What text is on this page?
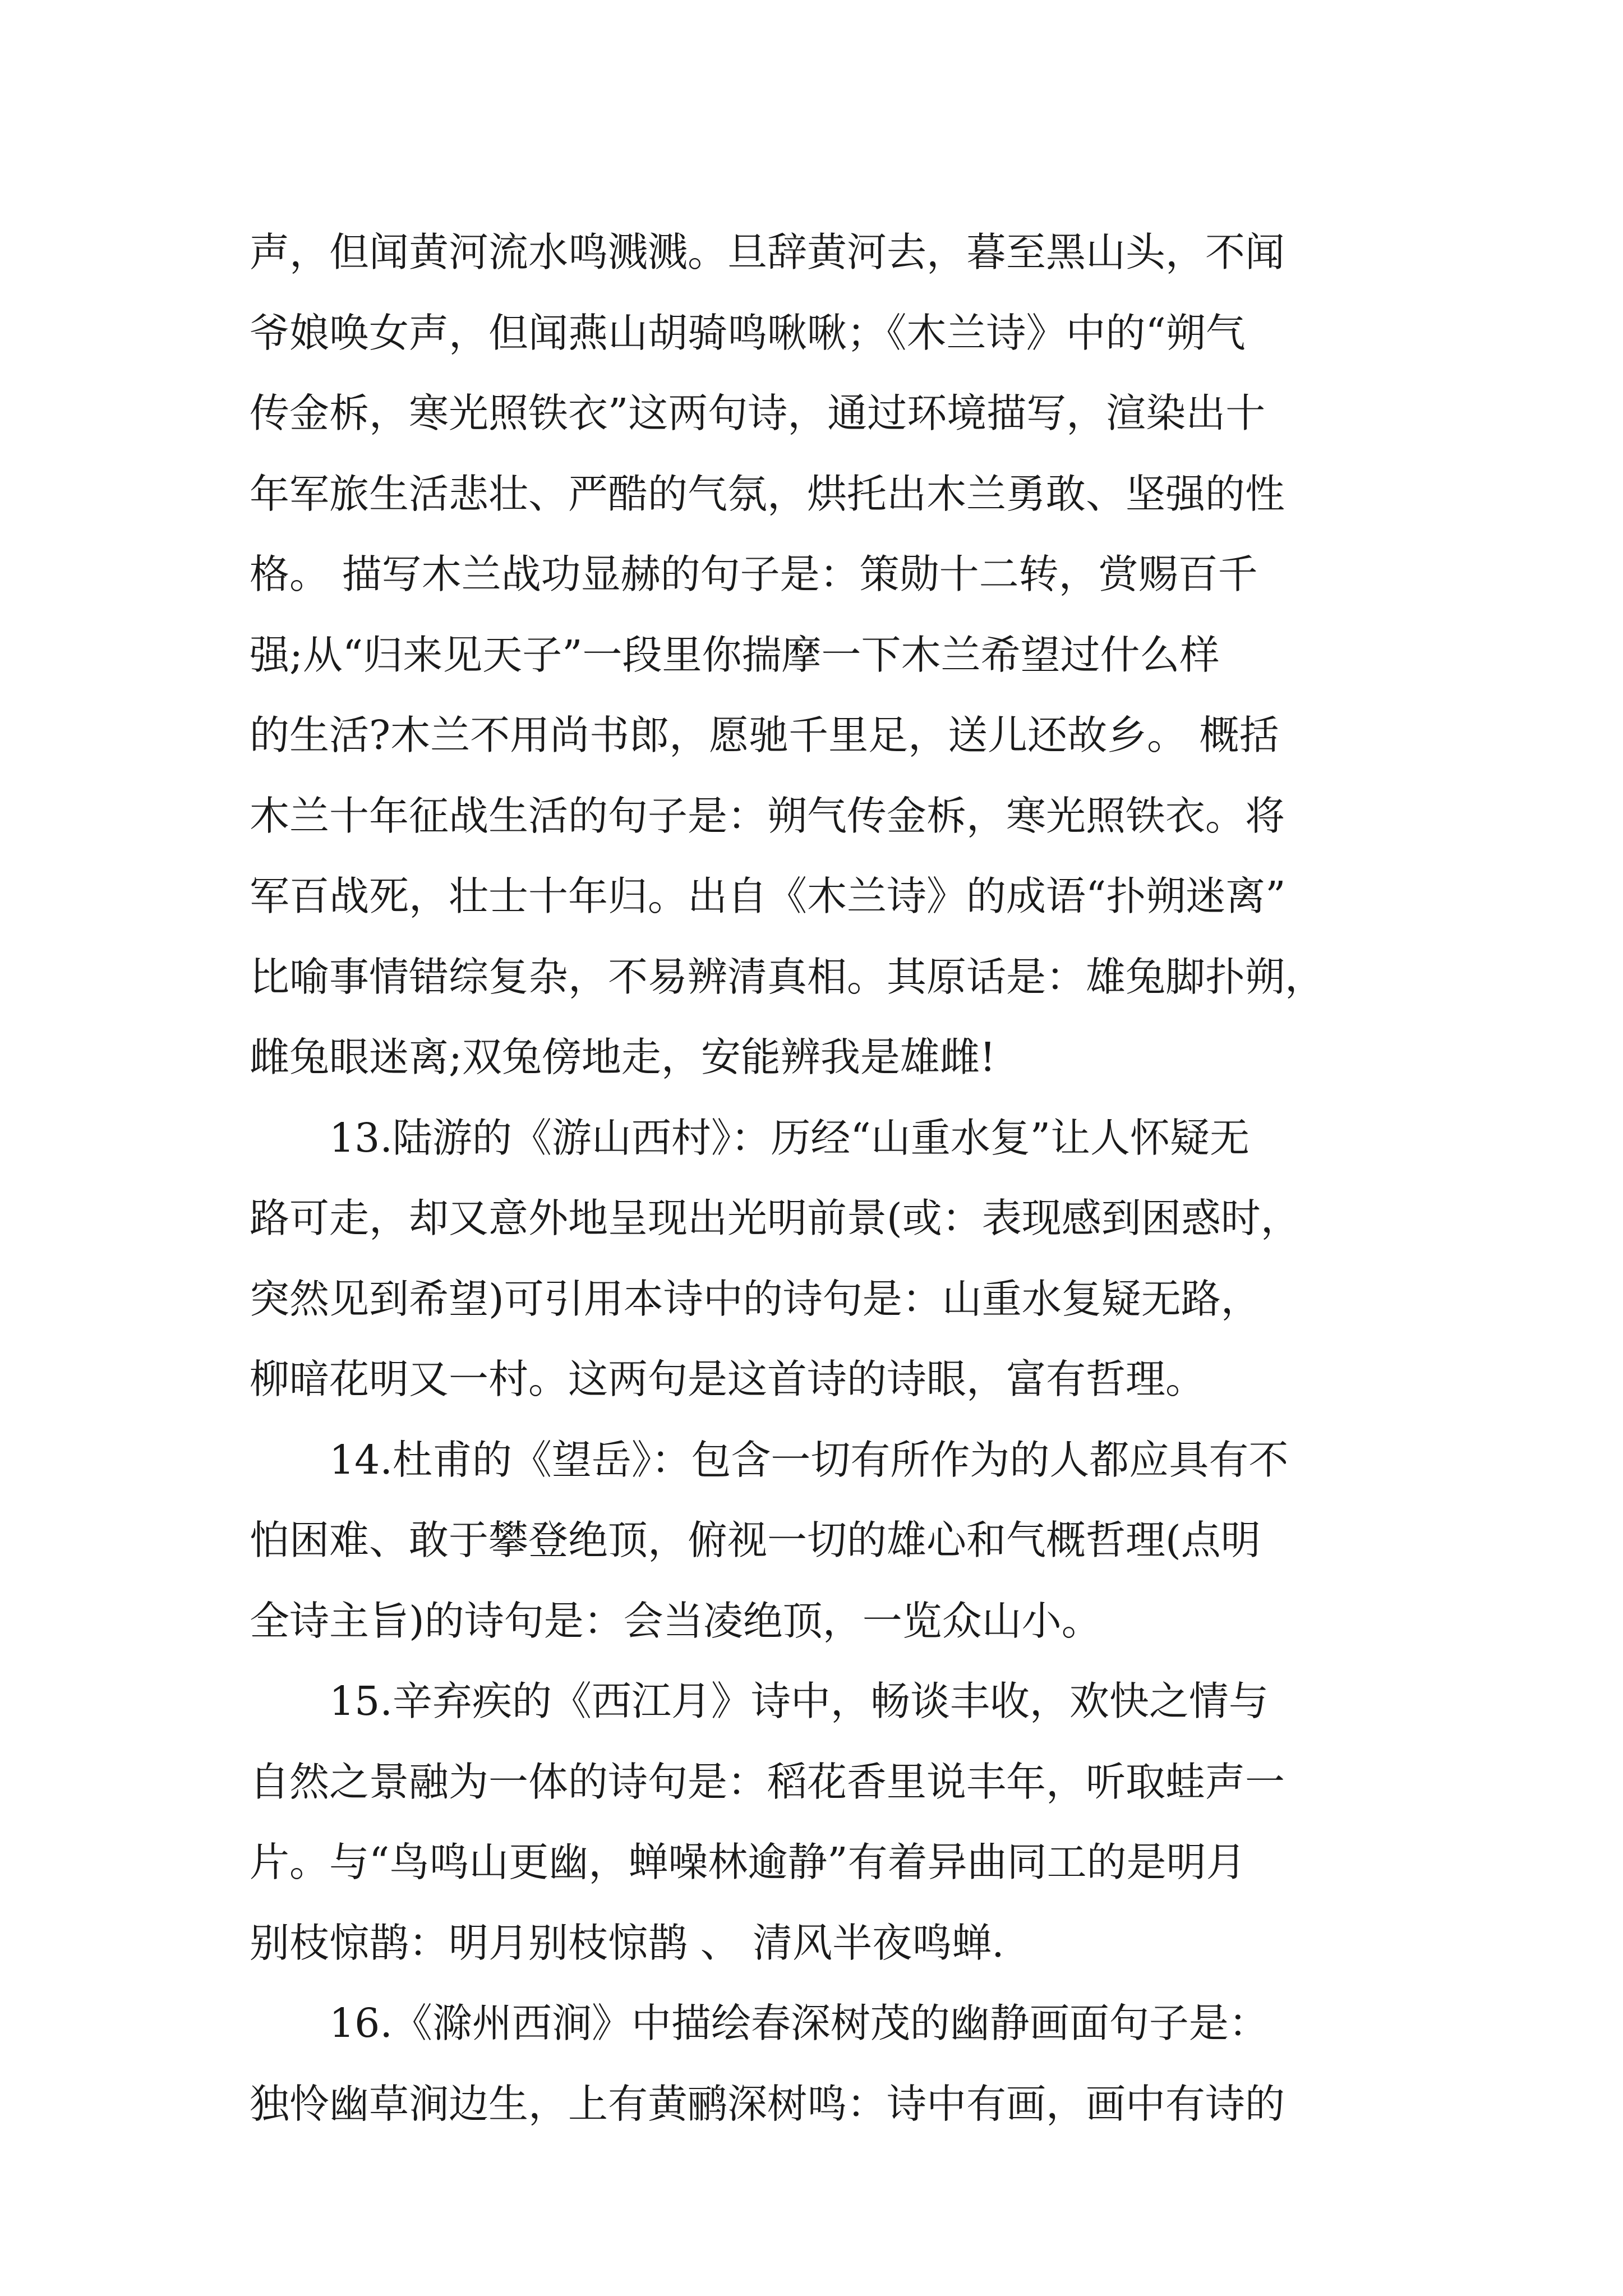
声，但闻黄河流水鸣溅溅。旦辞黄河去，暮至黑山头，不闻
爷娘唤女声，但闻燕山胡骑鸣啾啾；《木兰诗》中的“朔气
传金柝，寒光照铁衣”这两句诗，通过环境描写，渲染出十
年军旅生活悲壮、严酷的气氛，烘托出木兰勇敢、坚强的性
格。 描写木兰战功显赫的句子是：策勋十二转，赏赐百千
强;从“归来见天子”一段里你揣摩一下木兰希望过什么样
的生活?木兰不用尚书郎，愿驰千里足，送儿还故乡。 概括
木兰十年征战生活的句子是：朔气传金柝，寒光照铁衣。将
军百战死，壮士十年归。出自《木兰诗》的成语“扑朔迷离”
比喻事情错综复杂，不易辨清真相。其原话是：雄兔脚扑朔，
雌兔眼迷离;双兔傍地走，安能辨我是雄雌!
　　13.陆游的《游山西村》：历经“山重水复”让人怀疑无
路可走，却又意外地呈现出光明前景(或：表现感到困惑时，
突然见到希望)可引用本诗中的诗句是：山重水复疑无路，
柳暗花明又一村。这两句是这首诗的诗眼，富有哲理。
　　14.杜甫的《望岳》：包含一切有所作为的人都应具有不
怕困难、敢于攀登绝顶，俯视一切的雄心和气概哲理(点明
全诗主旨)的诗句是：会当凌绝顶，一览众山小。
　　15.辛弃疾的《西江月》诗中，畅谈丰收，欢快之情与
自然之景融为一体的诗句是：稻花香里说丰年，听取蛙声一
片。与“鸟鸣山更幽，蝉噪林逾静”有着异曲同工的是明月
别枝惊鹊：明月别枝惊鹊 、 清风半夜鸣蝉.
　　16.《滁州西涧》中描绘春深树茂的幽静画面句子是：
独怜幽草涧边生，上有黄鹂深树鸣：诗中有画，画中有诗的
